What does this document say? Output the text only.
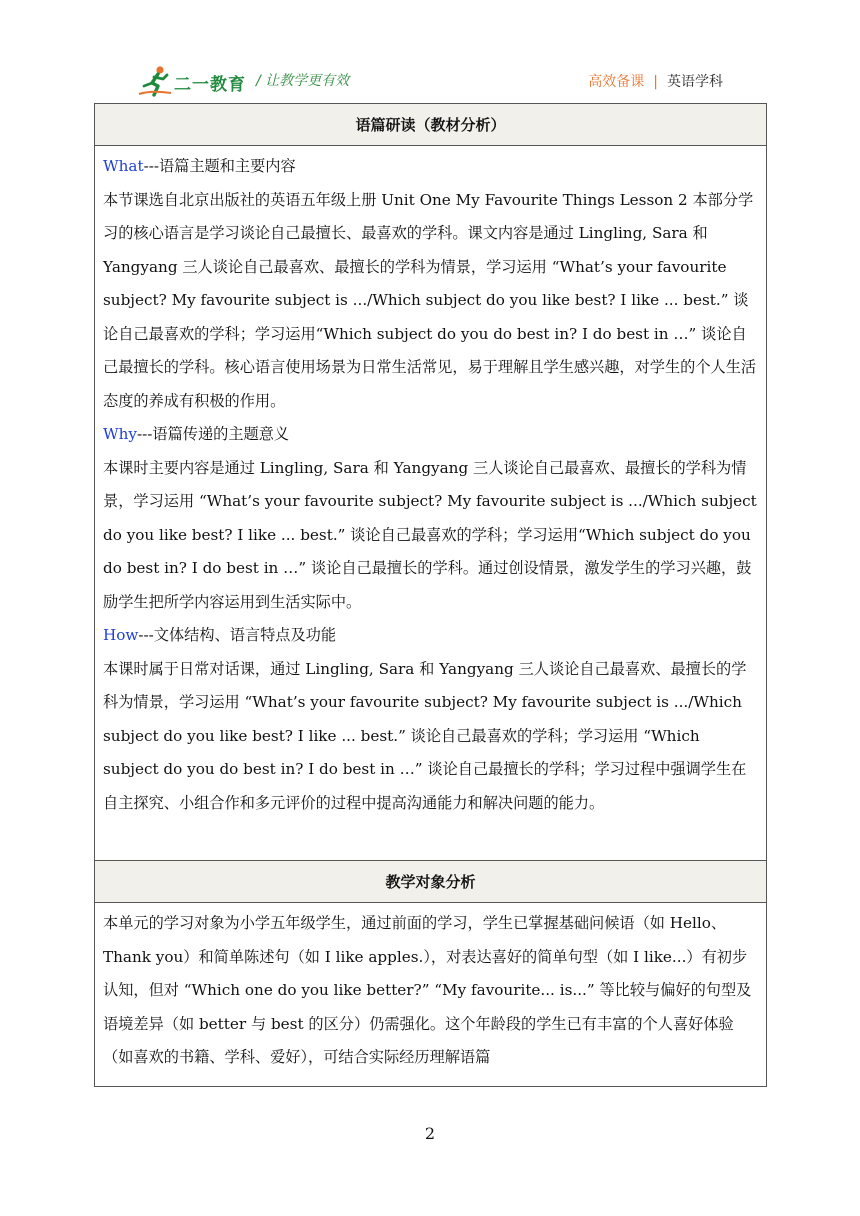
二一教育 / 让教学更有效	高效备课 | 英语学科
语篇研读（教材分析）

What---语篇主题和主要内容

本节课选自北京出版社的英语五年级上册 Unit One My Favourite Things Lesson 2 本部分学习的核心语言是学习谈论自己最擅长、最喜欢的学科。课文内容是通过 Lingling, Sara 和 Yangyang 三人谈论自己最喜欢、最擅长的学科为情景，学习运用 “What’s your favourite subject? My favourite subject is .../Which subject do you like best? I like ... best.” 谈论自己最喜欢的学科；学习运用“Which subject do you do best in? I do best in …” 谈论自己最擅长的学科。核心语言使用场景为日常生活常见，易于理解且学生感兴趣，对学生的个人生活态度的养成有积极的作用。

Why---语篇传递的主题意义

本课时主要内容是通过 Lingling, Sara 和 Yangyang 三人谈论自己最喜欢、最擅长的学科为情景，学习运用 “What’s your favourite subject? My favourite subject is .../Which subject do you like best? I like ... best.” 谈论自己最喜欢的学科；学习运用“Which subject do you do best in? I do best in …” 谈论自己最擅长的学科。通过创设情景，激发学生的学习兴趣，鼓励学生把所学内容运用到生活实际中。

How---文体结构、语言特点及功能

本课时属于日常对话课，通过 Lingling, Sara 和 Yangyang 三人谈论自己最喜欢、最擅长的学科为情景，学习运用 “What’s your favourite subject? My favourite subject is .../Which subject do you like best? I like ... best.” 谈论自己最喜欢的学科；学习运用 “Which subject do you do best in? I do best in …” 谈论自己最擅长的学科；学习过程中强调学生在自主探究、小组合作和多元评价的过程中提高沟通能力和解决问题的能力。

教学对象分析

本单元的学习对象为小学五年级学生，通过前面的学习，学生已掌握基础问候语（如 Hello、Thank you）和简单陈述句（如 I like apples.），对表达喜好的简单句型（如 I like...）有初步认知，但对 “Which one do you like better?” “My favourite... is...” 等比较与偏好的句型及语境差异（如 better 与 best 的区分）仍需强化。这个年龄段的学生已有丰富的个人喜好体验（如喜欢的书籍、学科、爱好），可结合实际经历理解语篇

2
